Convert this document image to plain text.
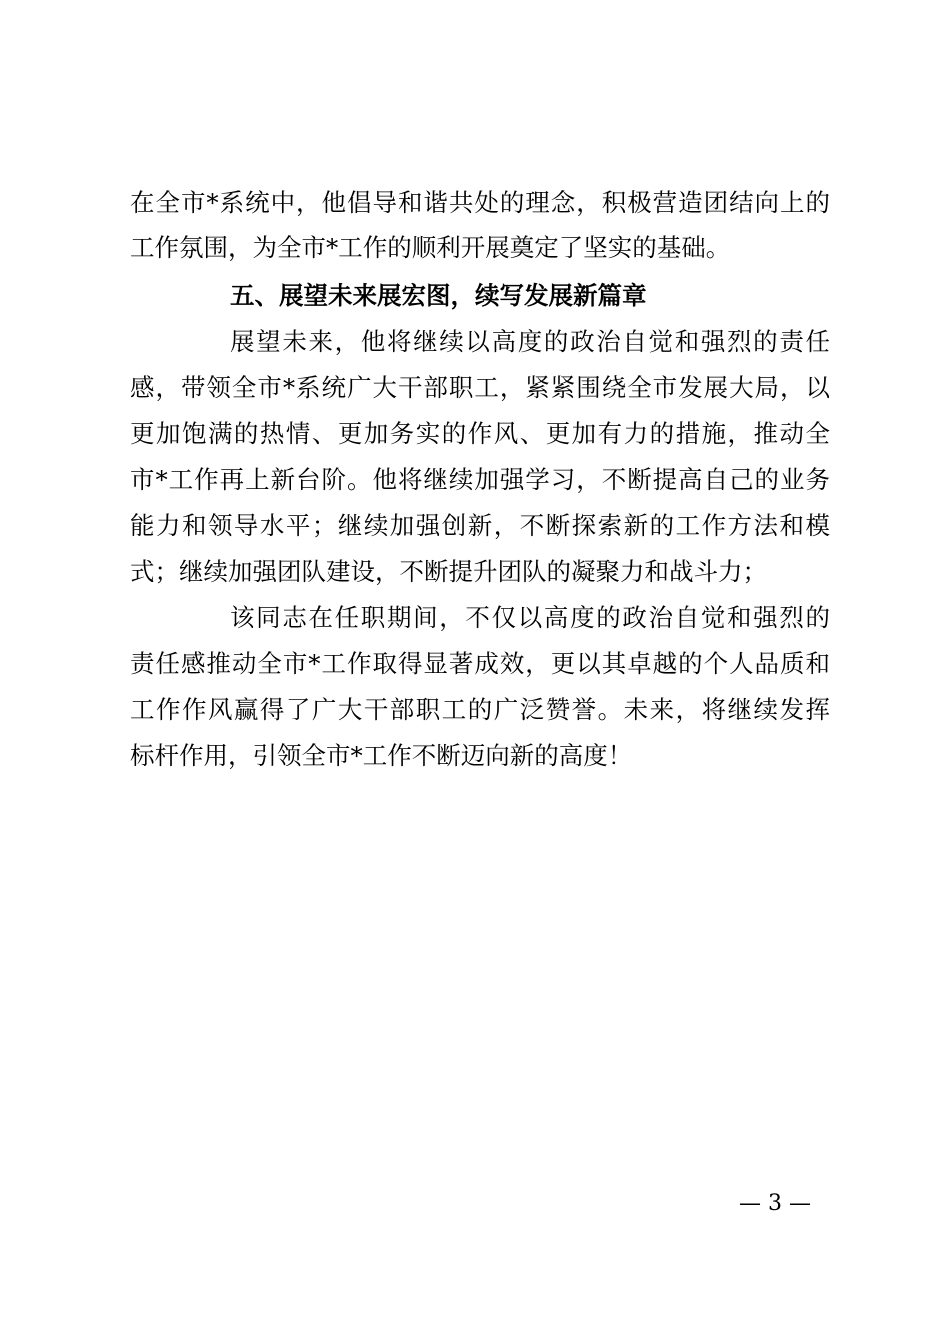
在全市*系统中，他倡导和谐共处的理念，积极营造团结向上的
工作氛围，为全市*工作的顺利开展奠定了坚实的基础。
五、展望未来展宏图，续写发展新篇章
展望未来，他将继续以高度的政治自觉和强烈的责任
感，带领全市*系统广大干部职工，紧紧围绕全市发展大局，以
更加饱满的热情、更加务实的作风、更加有力的措施，推动全
市*工作再上新台阶。他将继续加强学习，不断提高自己的业务
能力和领导水平；继续加强创新，不断探索新的工作方法和模
式；继续加强团队建设，不断提升团队的凝聚力和战斗力；
该同志在任职期间，不仅以高度的政治自觉和强烈的
责任感推动全市*工作取得显著成效，更以其卓越的个人品质和
工作作风赢得了广大干部职工的广泛赞誉。未来，将继续发挥
标杆作用，引领全市*工作不断迈向新的高度！
— 3 —
